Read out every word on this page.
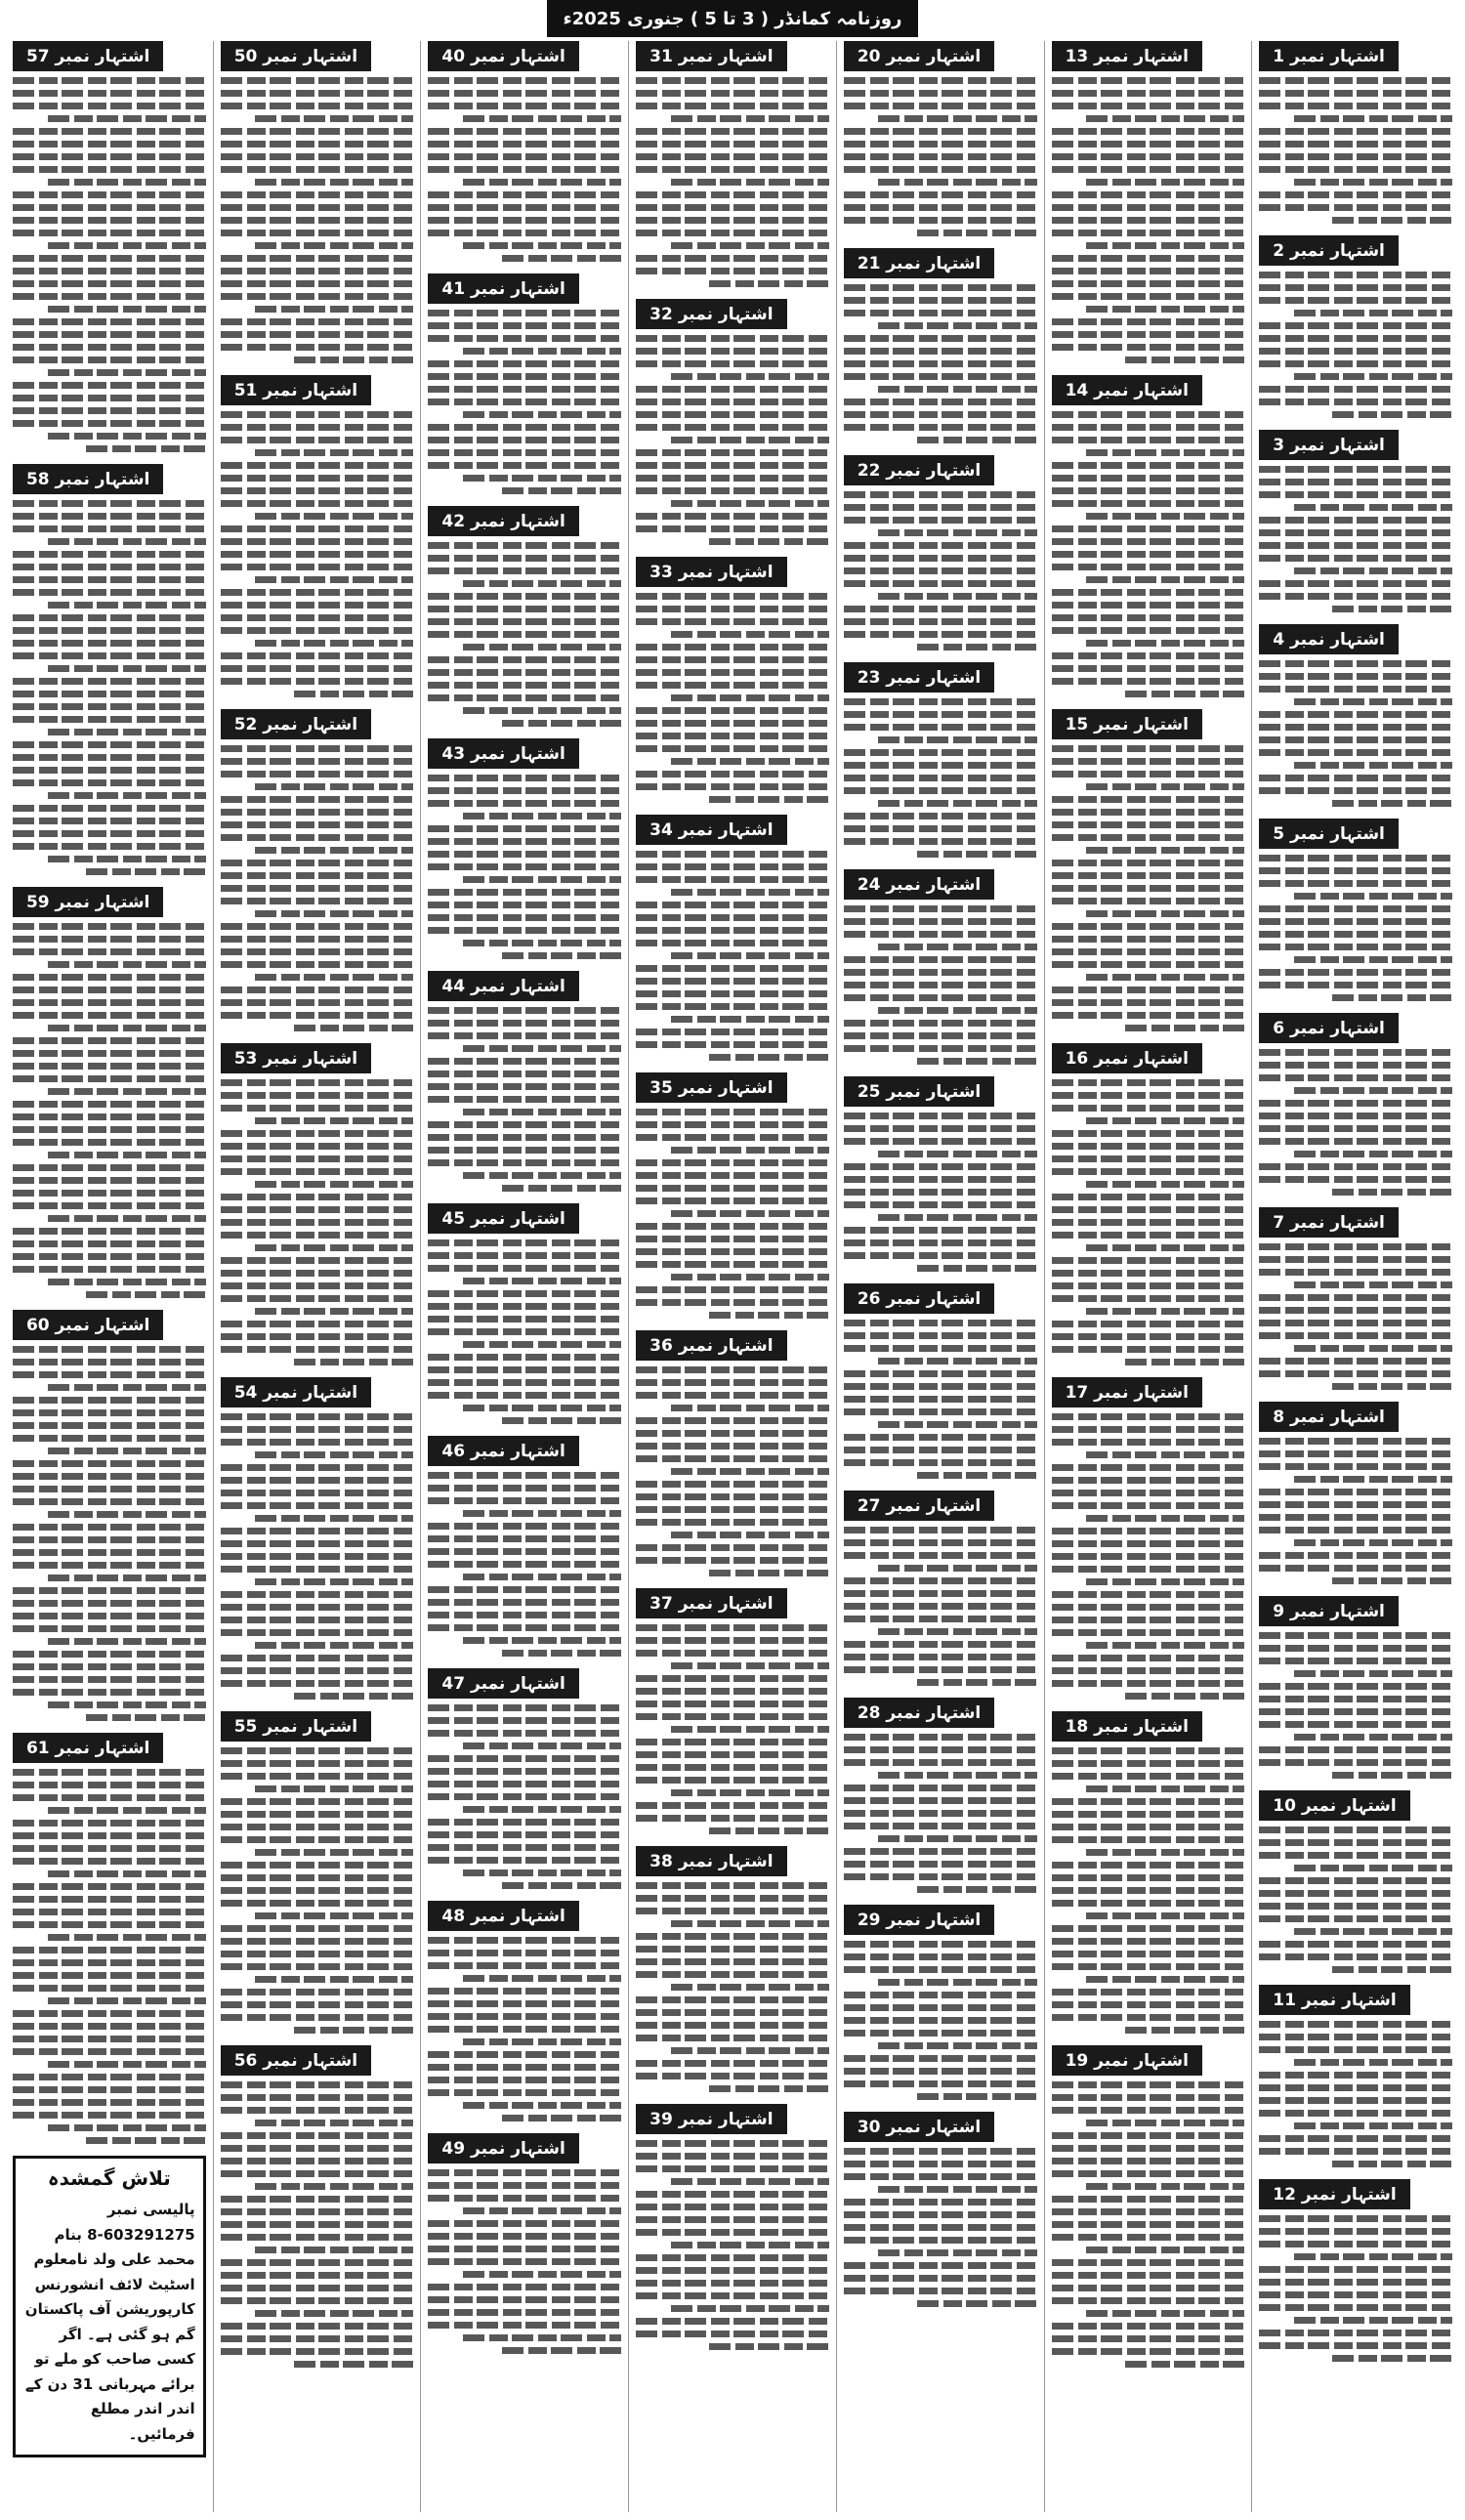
روزنامہ کمانڈر ( 3 تا 5 ) جنوری 2025ء
اشتہار نمبر 1
اشتہار نمبر 2
اشتہار نمبر 3
اشتہار نمبر 4
اشتہار نمبر 5
اشتہار نمبر 6
اشتہار نمبر 7
اشتہار نمبر 8
اشتہار نمبر 9
اشتہار نمبر 10
اشتہار نمبر 11
اشتہار نمبر 12
اشتہار نمبر 13
اشتہار نمبر 14
اشتہار نمبر 15
اشتہار نمبر 16
اشتہار نمبر 17
اشتہار نمبر 18
اشتہار نمبر 19
اشتہار نمبر 20
اشتہار نمبر 21
اشتہار نمبر 22
اشتہار نمبر 23
اشتہار نمبر 24
اشتہار نمبر 25
اشتہار نمبر 26
اشتہار نمبر 27
اشتہار نمبر 28
اشتہار نمبر 29
اشتہار نمبر 30
اشتہار نمبر 31
اشتہار نمبر 32
اشتہار نمبر 33
اشتہار نمبر 34
اشتہار نمبر 35
اشتہار نمبر 36
اشتہار نمبر 37
اشتہار نمبر 38
اشتہار نمبر 39
اشتہار نمبر 40
اشتہار نمبر 41
اشتہار نمبر 42
اشتہار نمبر 43
اشتہار نمبر 44
اشتہار نمبر 45
اشتہار نمبر 46
اشتہار نمبر 47
اشتہار نمبر 48
اشتہار نمبر 49
اشتہار نمبر 50
اشتہار نمبر 51
اشتہار نمبر 52
اشتہار نمبر 53
اشتہار نمبر 54
اشتہار نمبر 55
اشتہار نمبر 56
اشتہار نمبر 57
اشتہار نمبر 58
اشتہار نمبر 59
اشتہار نمبر 60
اشتہار نمبر 61
تلاش گمشدہ
پالیسی نمبر 603291275-8 بنام محمد علی ولد نامعلوم اسٹیٹ لائف انشورنس کارپوریشن آف پاکستان گم ہو گئی ہے۔ اگر کسی صاحب کو ملے تو برائے مہربانی 31 دن کے اندر اندر مطلع فرمائیں۔
